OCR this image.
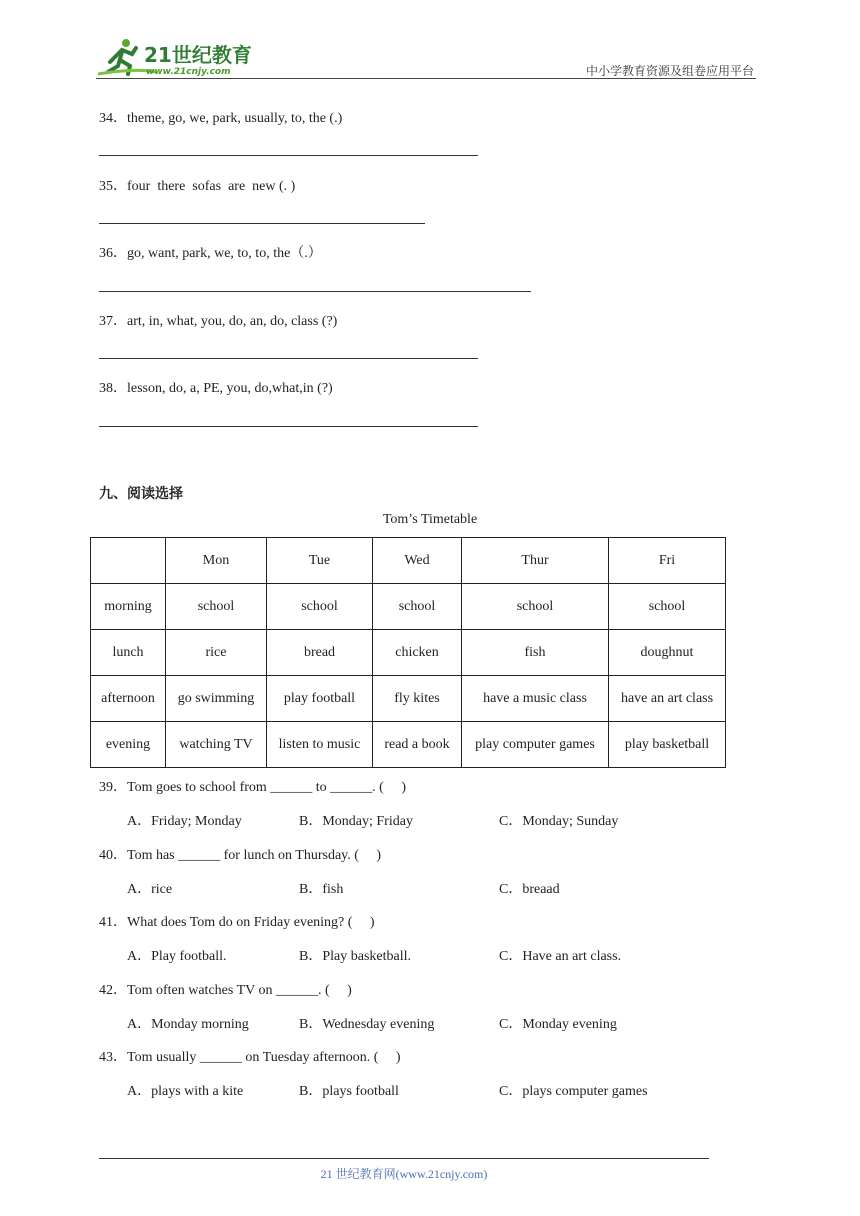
21世纪教育
www.21cnjy.com	中小学教育资源及组卷应用平台
34．theme, go, we, park, usually, to, the (.)
35．four  there  sofas  are  new (. )
36．go, want, park, we, to, to, the（.）
37．art, in, what, you, do, an, do, class (?)
38．lesson, do, a, PE, you, do,what,in (?)
九、阅读选择
Tom’s Timetable
	Mon	Tue	Wed	Thur	Fri
morning	school	school	school	school	school
lunch	rice	bread	chicken	fish	doughnut
afternoon	go swimming	play football	fly kites	have a music class	have an art class
evening	watching TV	listen to music	read a book	play computer games	play basketball
39．Tom goes to school from ______ to ______. (     )
A．Friday; Monday	B．Monday; Friday	C．Monday; Sunday
40．Tom has ______ for lunch on Thursday. (     )
A．rice	B．fish	C．breaad
41．What does Tom do on Friday evening? (     )
A．Play football.	B．Play basketball.	C．Have an art class.
42．Tom often watches TV on ______. (     )
A．Monday morning	B．Wednesday evening	C．Monday evening
43．Tom usually ______ on Tuesday afternoon. (     )
A．plays with a kite	B．plays football	C．plays computer games
21 世纪教育网(www.21cnjy.com)
